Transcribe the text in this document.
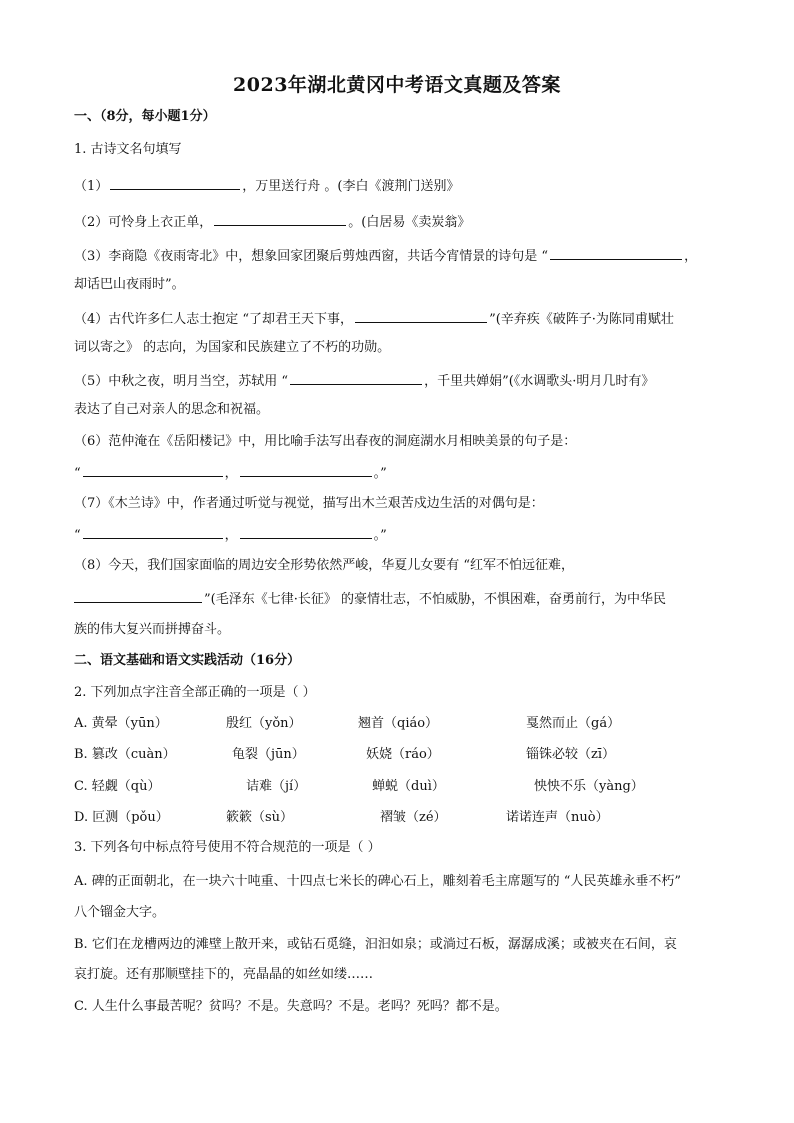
2023年湖北黄冈中考语文真题及答案
一、（8分，每小题1分）
1. 古诗文名句填写
（1）	，万里送行舟 。(李白《渡荆门送别》
（2）可怜身上衣正单，	。(白居易《卖炭翁》
（3）李商隐《夜雨寄北》中，想象回家团聚后剪烛西窗，共话今宵情景的诗句是 “	，
却话巴山夜雨时”。
（4）古代许多仁人志士抱定 “了却君王天下事，	”(辛弃疾《破阵子·为陈同甫赋壮
词以寄之》 的志向，为国家和民族建立了不朽的功勋。
（5）中秋之夜，明月当空，苏轼用 “	，千里共婵娟”(《水调歌头·明月几时有》
表达了自己对亲人的思念和祝福。
（6）范仲淹在《岳阳楼记》中，用比喻手法写出春夜的洞庭湖水月相映美景的句子是：
“	，	。”
（7）《木兰诗》中，作者通过听觉与视觉，描写出木兰艰苦戍边生活的对偶句是：
“	，	。”
（8）今天，我们国家面临的周边安全形势依然严峻，华夏儿女要有 “红军不怕远征难，
”(毛泽东《七律·长征》 的豪情壮志，不怕威胁，不惧困难，奋勇前行，为中华民
族的伟大复兴而拼搏奋斗。
二、语文基础和语文实践活动（16分）
2. 下列加点字注音全部正确的一项是（ ）
A. 黄晕（yūn）	殷红（yǒn）	翘首（qiáo）	戛然而止（gá）
B. 篡改（cuàn）	龟裂（jūn）	妖娆（ráo）	锱铢必较（zī）
C. 轻觑（qù）	诘难（jí）	蝉蜕（duì）	怏怏不乐（yàng）
D. 叵测（pǒu）	簌簌（sù）	褶皱（zé）	诺诺连声（nuò）
3. 下列各句中标点符号使用不符合规范的一项是（ ）
A. 碑的正面朝北，在一块六十吨重、十四点七米长的碑心石上，雕刻着毛主席题写的 “人民英雄永垂不朽”
八个镏金大字。
B. 它们在龙槽两边的滩壁上散开来，或钻石觅缝，汩汩如泉；或淌过石板，潺潺成溪；或被夹在石间，哀
哀打旋。还有那顺壁挂下的，亮晶晶的如丝如缕……
C. 人生什么事最苦呢？贫吗？不是。失意吗？不是。老吗？死吗？都不是。
